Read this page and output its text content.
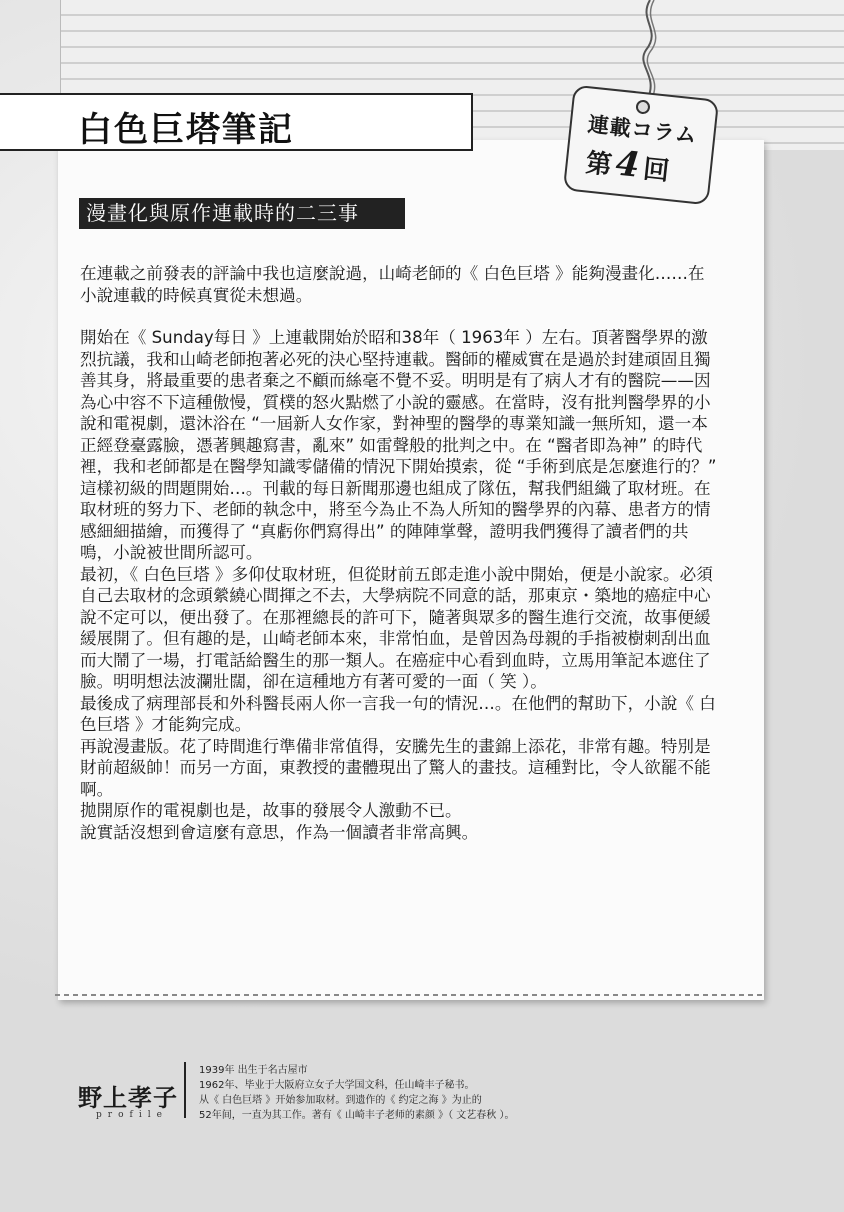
白色巨塔筆記	連載コラム
第4回
漫畫化與原作連載時的二三事

在連載之前發表的評論中我也這麼說過，山崎老師的《 白色巨塔 》能夠漫畫化……在小說連載的時候真實從未想過。

開始在《 Sunday每日 》上連載開始於昭和38年（ 1963年 ）左右。頂著醫學界的激烈抗議，我和山崎老師抱著必死的決心堅持連載。醫師的權威實在是過於封建頑固且獨善其身，將最重要的患者棄之不顧而絲毫不覺不妥。明明是有了病人才有的醫院——因為心中容不下這種傲慢，質樸的怒火點燃了小說的靈感。在當時，沒有批判醫學界的小說和電視劇，還沐浴在 “一屆新人女作家，對神聖的醫學的專業知識一無所知，還一本正經登臺露臉，憑著興趣寫書，亂來” 如雷聲般的批判之中。在 “醫者即為神” 的時代裡，我和老師都是在醫學知識零儲備的情況下開始摸索，從 “手術到底是怎麼進行的？” 這樣初級的問題開始…。刊載的每日新聞那邊也組成了隊伍，幫我們組織了取材班。在取材班的努力下、老師的執念中，將至今為止不為人所知的醫學界的內幕、患者方的情感細細描繪，而獲得了 “真虧你們寫得出” 的陣陣掌聲，證明我們獲得了讀者們的共鳴，小說被世間所認可。

最初，《 白色巨塔 》多仰仗取材班，但從財前五郎走進小說中開始，便是小說家。必須自己去取材的念頭縈繞心間揮之不去，大學病院不同意的話，那東京・築地的癌症中心說不定可以，便出發了。在那裡總長的許可下，隨著與眾多的醫生進行交流，故事便緩緩展開了。但有趣的是，山崎老師本來，非常怕血，是曾因為母親的手指被樹刺刮出血而大鬧了一場，打電話給醫生的那一類人。在癌症中心看到血時，立馬用筆記本遮住了臉。明明想法波瀾壯闊，卻在這種地方有著可愛的一面（ 笑 ）。

最後成了病理部長和外科醫長兩人你一言我一句的情況…。在他們的幫助下，小說《 白色巨塔 》才能夠完成。

再說漫畫版。花了時間進行準備非常值得，安騰先生的畫錦上添花，非常有趣。特別是財前超級帥！而另一方面，東教授的畫體現出了驚人的畫技。這種對比，令人欲罷不能啊。

拋開原作的電視劇也是，故事的發展令人激動不已。

說實話沒想到會這麼有意思，作為一個讀者非常高興。

野上孝子
profile
1939年 出生于名古屋市
1962年、毕业于大阪府立女子大学国文科，任山崎丰子秘书。
从《 白色巨塔 》开始参加取材。到遗作的《 约定之海 》为止的
52年间，一直为其工作。著有《 山崎丰子老师的素颜 》（ 文艺春秋 ）。
